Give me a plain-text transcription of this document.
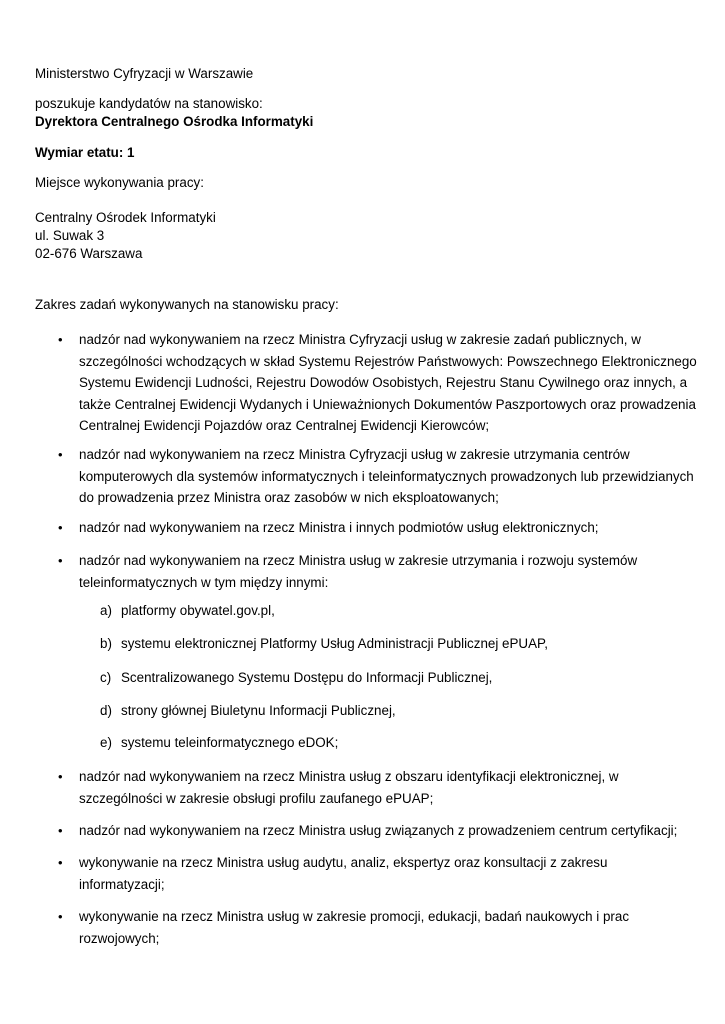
Ministerstwo Cyfryzacji w Warszawie

poszukuje kandydatów na stanowisko:

Dyrektora Centralnego Ośrodka Informatyki

Wymiar etatu: 1

Miejsce wykonywania pracy:

Centralny Ośrodek Informatyki

ul. Suwak 3

02-676 Warszawa

Zakres zadań wykonywanych na stanowisku pracy:

• nadzór nad wykonywaniem na rzecz Ministra Cyfryzacji usług w zakresie zadań publicznych, w szczególności wchodzących w skład Systemu Rejestrów Państwowych: Powszechnego Elektronicznego Systemu Ewidencji Ludności, Rejestru Dowodów Osobistych, Rejestru Stanu Cywilnego oraz innych, a także Centralnej Ewidencji Wydanych i Unieważnionych Dokumentów Paszportowych oraz prowadzenia Centralnej Ewidencji Pojazdów oraz Centralnej Ewidencji Kierowców;

• nadzór nad wykonywaniem na rzecz Ministra Cyfryzacji usług w zakresie utrzymania centrów komputerowych dla systemów informatycznych i teleinformatycznych prowadzonych lub przewidzianych do prowadzenia przez Ministra oraz zasobów w nich eksploatowanych;

• nadzór nad wykonywaniem na rzecz Ministra i innych podmiotów usług elektronicznych;

• nadzór nad wykonywaniem na rzecz Ministra usług w zakresie utrzymania i rozwoju systemów teleinformatycznych w tym między innymi:

a) platformy obywatel.gov.pl,
b) systemu elektronicznej Platformy Usług Administracji Publicznej ePUAP,
c) Scentralizowanego Systemu Dostępu do Informacji Publicznej,
d) strony głównej Biuletynu Informacji Publicznej,
e) systemu teleinformatycznego eDOK;
• nadzór nad wykonywaniem na rzecz Ministra usług z obszaru identyfikacji elektronicznej, w szczególności w zakresie obsługi profilu zaufanego ePUAP;

• nadzór nad wykonywaniem na rzecz Ministra usług związanych z prowadzeniem centrum certyfikacji;

• wykonywanie na rzecz Ministra usług audytu, analiz, ekspertyz oraz konsultacji z zakresu informatyzacji;

• wykonywanie na rzecz Ministra usług w zakresie promocji, edukacji, badań naukowych i prac rozwojowych;
